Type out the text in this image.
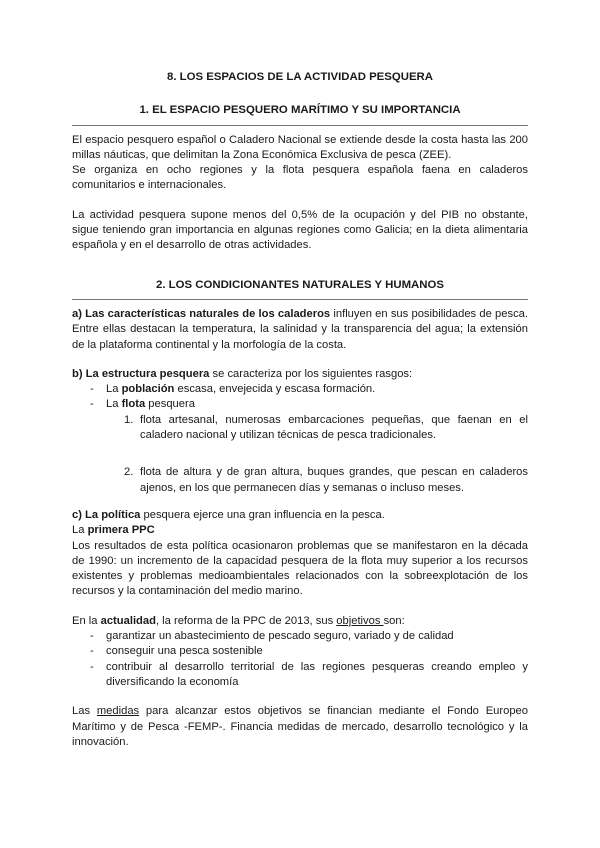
8. LOS ESPACIOS DE LA ACTIVIDAD PESQUERA
1. EL ESPACIO PESQUERO MARÍTIMO Y SU IMPORTANCIA

El espacio pesquero español o Caladero Nacional se extiende desde la costa hasta las 200 millas náuticas, que delimitan la Zona Económica Exclusiva de pesca (ZEE).

Se organiza en ocho regiones y la flota pesquera española faena en caladeros comunitarios e internacionales.

La actividad pesquera supone menos del 0,5% de la ocupación y del PIB no obstante, sigue teniendo gran importancia en algunas regiones como Galicia; en la dieta alimentaria española y en el desarrollo de otras actividades.

2. LOS CONDICIONANTES NATURALES Y HUMANOS

a) Las características naturales de los caladeros influyen en sus posibilidades de pesca. Entre ellas destacan la temperatura, la salinidad y la transparencia del agua; la extensión de la plataforma continental y la morfología de la costa.

b) La estructura pesquera se caracteriza por los siguientes rasgos:

- La población escasa, envejecida y escasa formación.
- La flota pesquera
1. flota artesanal, numerosas embarcaciones pequeñas, que faenan en el caladero nacional y utilizan técnicas de pesca tradicionales.
2. flota de altura y de gran altura, buques grandes, que pescan en caladeros ajenos, en los que permanecen días y semanas o incluso meses.

c) La política pesquera ejerce una gran influencia en la pesca.

La primera PPC

Los resultados de esta política ocasionaron problemas que se manifestaron en la década de 1990: un incremento de la capacidad pesquera de la flota muy superior a los recursos existentes y problemas medioambientales relacionados con la sobreexplotación de los recursos y la contaminación del medio marino.

En la actualidad, la reforma de la PPC de 2013, sus objetivos son:

- garantizar un abastecimiento de pescado seguro, variado y de calidad
- conseguir una pesca sostenible
- contribuir al desarrollo territorial de las regiones pesqueras creando empleo y diversificando la economía

Las medidas para alcanzar estos objetivos se financian mediante el Fondo Europeo Marítimo y de Pesca -FEMP-. Financia medidas de mercado, desarrollo tecnológico y la innovación.
